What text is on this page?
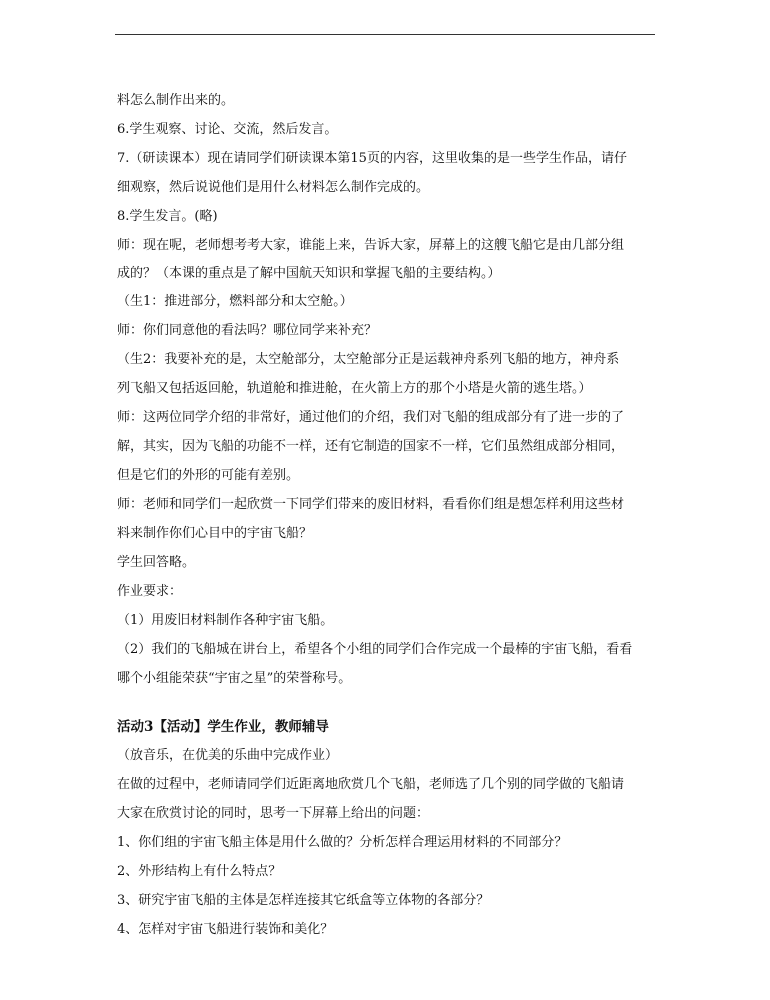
料怎么制作出来的。
6.学生观察、讨论、交流，然后发言。
7.（研读课本）现在请同学们研读课本第15页的内容，这里收集的是一些学生作品，请仔
细观察，然后说说他们是用什么材料怎么制作完成的。
8.学生发言。(略)
师：现在呢，老师想考考大家，谁能上来，告诉大家，屏幕上的这艘飞船它是由几部分组
成的？（本课的重点是了解中国航天知识和掌握飞船的主要结构。）
（生1：推进部分，燃料部分和太空舱。）
师：你们同意他的看法吗？哪位同学来补充？
（生2：我要补充的是，太空舱部分，太空舱部分正是运载神舟系列飞船的地方，神舟系
列飞船又包括返回舱，轨道舱和推进舱，在火箭上方的那个小塔是火箭的逃生塔。）
师：这两位同学介绍的非常好，通过他们的介绍，我们对飞船的组成部分有了进一步的了
解，其实，因为飞船的功能不一样，还有它制造的国家不一样，它们虽然组成部分相同，
但是它们的外形的可能有差别。
师：老师和同学们一起欣赏一下同学们带来的废旧材料，看看你们组是想怎样利用这些材
料来制作你们心目中的宇宙飞船？
学生回答略。
作业要求：
（1）用废旧材料制作各种宇宙飞船。
（2）我们的飞船城在讲台上，希望各个小组的同学们合作完成一个最棒的宇宙飞船，看看
哪个小组能荣获“宇宙之星”的荣誉称号。
活动3【活动】学生作业，教师辅导
（放音乐，在优美的乐曲中完成作业）
在做的过程中，老师请同学们近距离地欣赏几个飞船，老师选了几个别的同学做的飞船请
大家在欣赏讨论的同时，思考一下屏幕上给出的问题：
1、你们组的宇宙飞船主体是用什么做的？分析怎样合理运用材料的不同部分？
2、外形结构上有什么特点？
3、研究宇宙飞船的主体是怎样连接其它纸盒等立体物的各部分？
4、怎样对宇宙飞船进行装饰和美化？
